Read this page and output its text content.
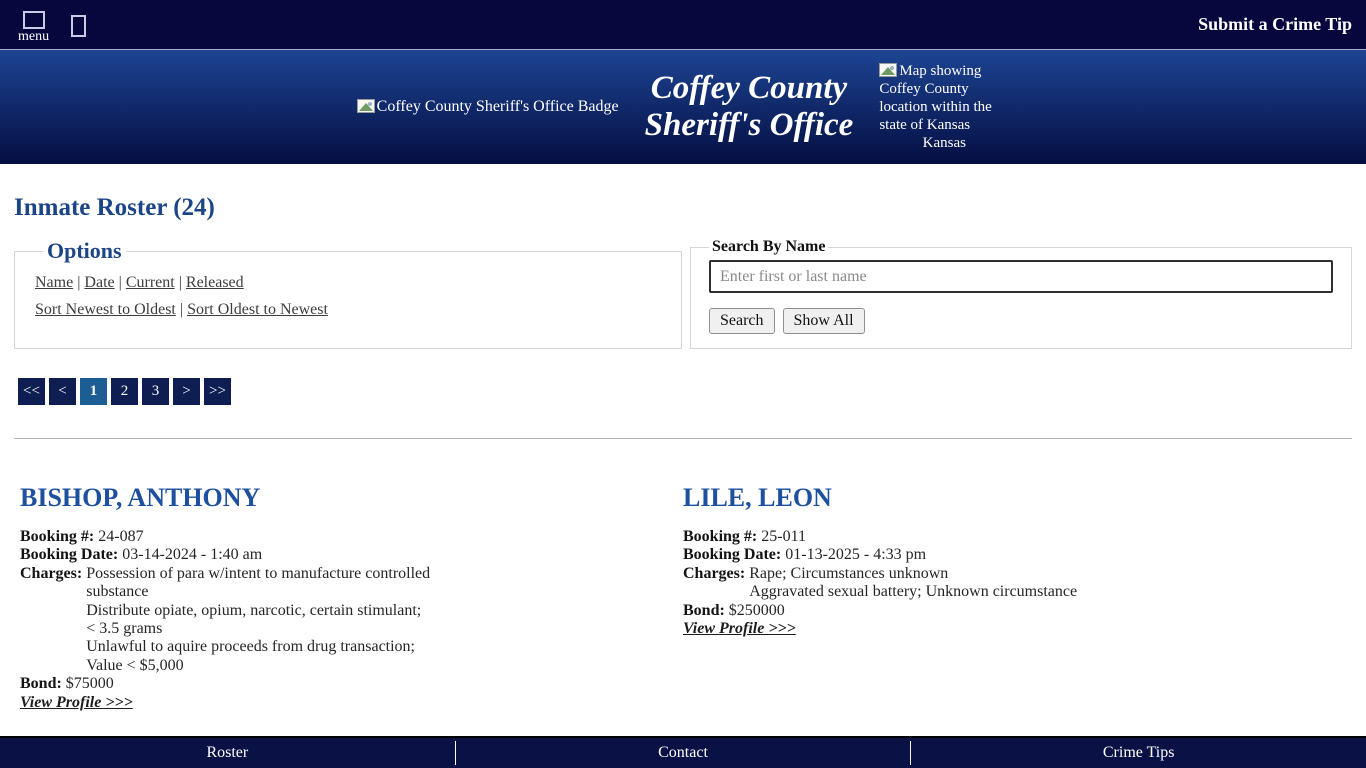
menu
Submit a Crime Tip
Coffey County Sheriff's Office Badge
Coffey County
Sheriff's Office
Map showing Coffey County location within the state of Kansas
Kansas
Inmate Roster (24)
Options
Name | Date | Current | Released
Sort Newest to Oldest | Sort Oldest to Newest
Search By Name
Enter first or last name
Search	Show All
<<	<	1	2	3	>	>>
BISHOP, ANTHONY
Booking #: 24-087
Booking Date: 03-14-2024 - 1:40 am
Charges: Possession of para w/intent to manufacture controlled substance
Distribute opiate, opium, narcotic, certain stimulant; < 3.5 grams
Unlawful to aquire proceeds from drug transaction; Value < $5,000
Bond: $75000
View Profile >>>
LILE, LEON
Booking #: 25-011
Booking Date: 01-13-2025 - 4:33 pm
Charges: Rape; Circumstances unknown
Aggravated sexual battery; Unknown circumstance
Bond: $250000
View Profile >>>
Roster	Contact	Crime Tips
